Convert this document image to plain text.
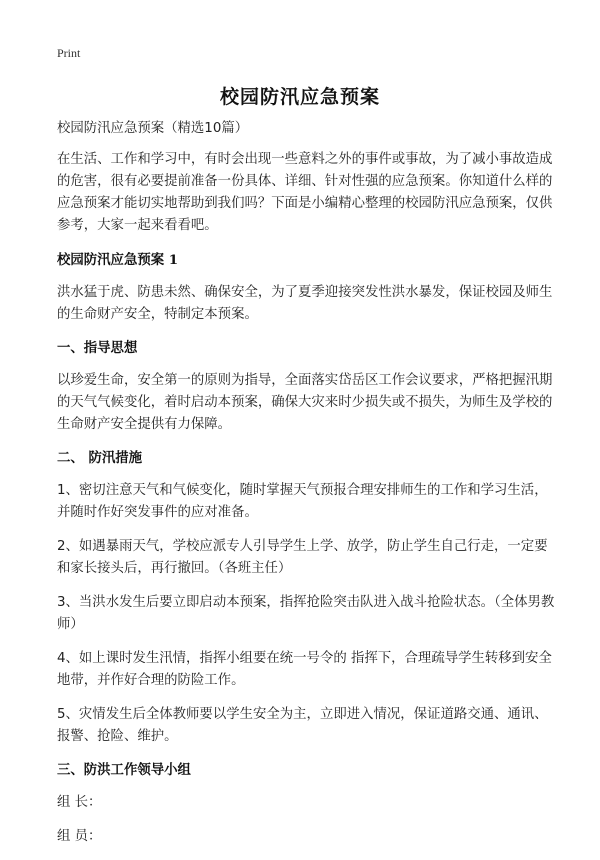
Print
校园防汛应急预案

校园防汛应急预案（精选10篇）

在生活、工作和学习中，有时会出现一些意料之外的事件或事故，为了减小事故造成的危害，很有必要提前准备一份具体、详细、针对性强的应急预案。你知道什么样的应急预案才能切实地帮助到我们吗？下面是小编精心整理的校园防汛应急预案，仅供参考，大家一起来看看吧。

校园防汛应急预案 1

洪水猛于虎、防患未然、确保安全，为了夏季迎接突发性洪水暴发，保证校园及师生的生命财产安全，特制定本预案。

一、指导思想

以珍爱生命，安全第一的原则为指导，全面落实岱岳区工作会议要求，严格把握汛期的天气气候变化，着时启动本预案，确保大灾来时少损失或不损失，为师生及学校的生命财产安全提供有力保障。

二、 防汛措施

1、密切注意天气和气候变化，随时掌握天气预报合理安排师生的工作和学习生活，并随时作好突发事件的应对准备。

2、如遇暴雨天气，学校应派专人引导学生上学、放学，防止学生自己行走，一定要和家长接头后，再行撤回。（各班主任）

3、当洪水发生后要立即启动本预案，指挥抢险突击队进入战斗抢险状态。（全体男教师）

4、如上课时发生汛情，指挥小组要在统一号令的 指挥下，合理疏导学生转移到安全地带，并作好合理的防险工作。

5、灾情发生后全体教师要以学生安全为主，立即进入情况，保证道路交通、通讯、报警、抢险、维护。

三、防洪工作领导小组

组 长：

组 员：
